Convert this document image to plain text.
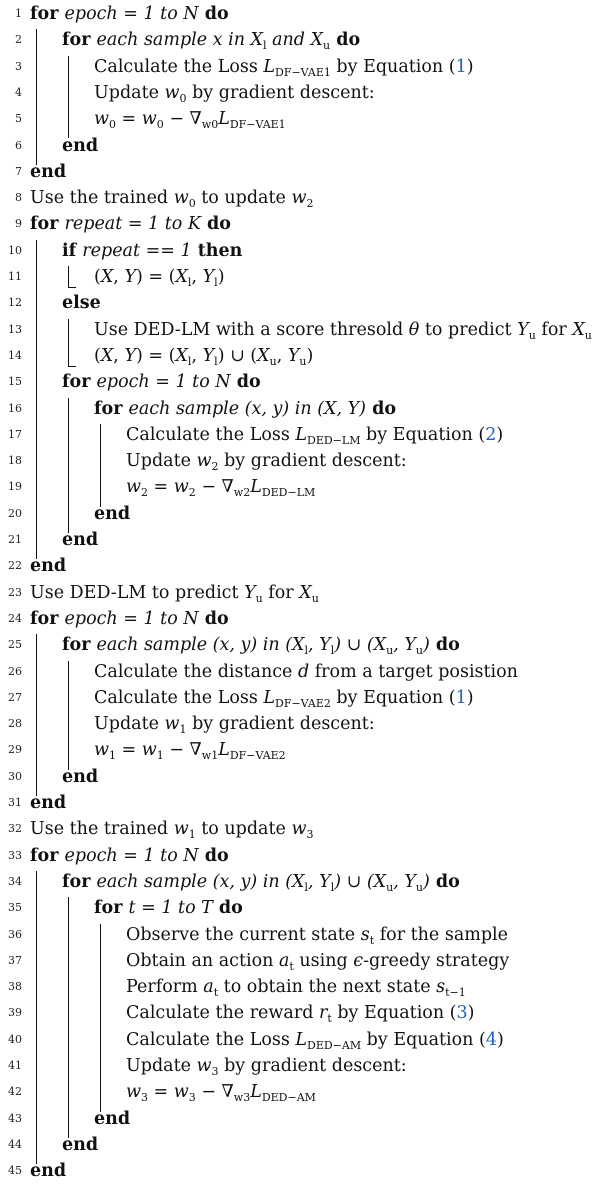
1 for epoch = 1 to N do
2 for each sample x in $X_l$ and $X_u$ do
3	Calculate the Loss $L_{DF-VAE1}$ by Equation (1)
4	Update $w_0$ by gradient descent:
5	$w_0 = w_0 - \nabla_{w0}L_{DF-VAE1}$
6 end
7 end
8 Use the trained $w_0$ to update $w_2$
9 for repeat = 1 to K do
10 if repeat == 1 then
11	(X, $Y) = (X_l$, $Y_l$)
12 else
13	Use DED-LM with a score thresold θ to predict $Y_u$ for $X_u$
14	(X, $Y) = (X_l$, $Y_l$) ∪ ($X_u$, $Y_u$)
15 for epoch = 1 to N do
16	for each sample (x, y) in (X, Y) do
17	Calculate the Loss $L_{DED-LM}$ by Equation (2)
18	Update $w_2$ by gradient descent:
19	$w_2 = w_2 - \nabla_{w2}L_{DED-LM}$
20	end
21 end
22 end
23 Use DED-LM to predict $Y_u$ for $X_u$
24 for epoch = 1 to N do
25 for each sample (x, y) in ($X_l$, $Y_l$) ∪ ($X_u$, $Y_u$) do
26	Calculate the distance d from a target posistion
27	Calculate the Loss $L_{DF-VAE2}$ by Equation (1)
28	Update $w_1$ by gradient descent:
29	$w_1 = w_1 - \nabla_{w1}L_{DF-VAE2}$
30 end
31 end
32 Use the trained $w_1$ to update $w_3$
33 for epoch = 1 to N do
34 for each sample (x, y) in ($X_l$, $Y_l$) ∪ ($X_u$, $Y_u$) do
35	for t = 1 to T do
36	Observe the current state $s_t$ for the sample
37	Obtain an action $a_t$ using ϵ-greedy strategy
38	Perform $a_t$ to obtain the next state $s_{t-1}$
39	Calculate the reward $r_t$ by Equation (3)
40	Calculate the Loss $L_{DED-AM}$ by Equation (4)
41	Update $w_3$ by gradient descent:
42	$w_3 = w_3 - \nabla_{w3}L_{DED-AM}$
43	end
44 end
45 end
